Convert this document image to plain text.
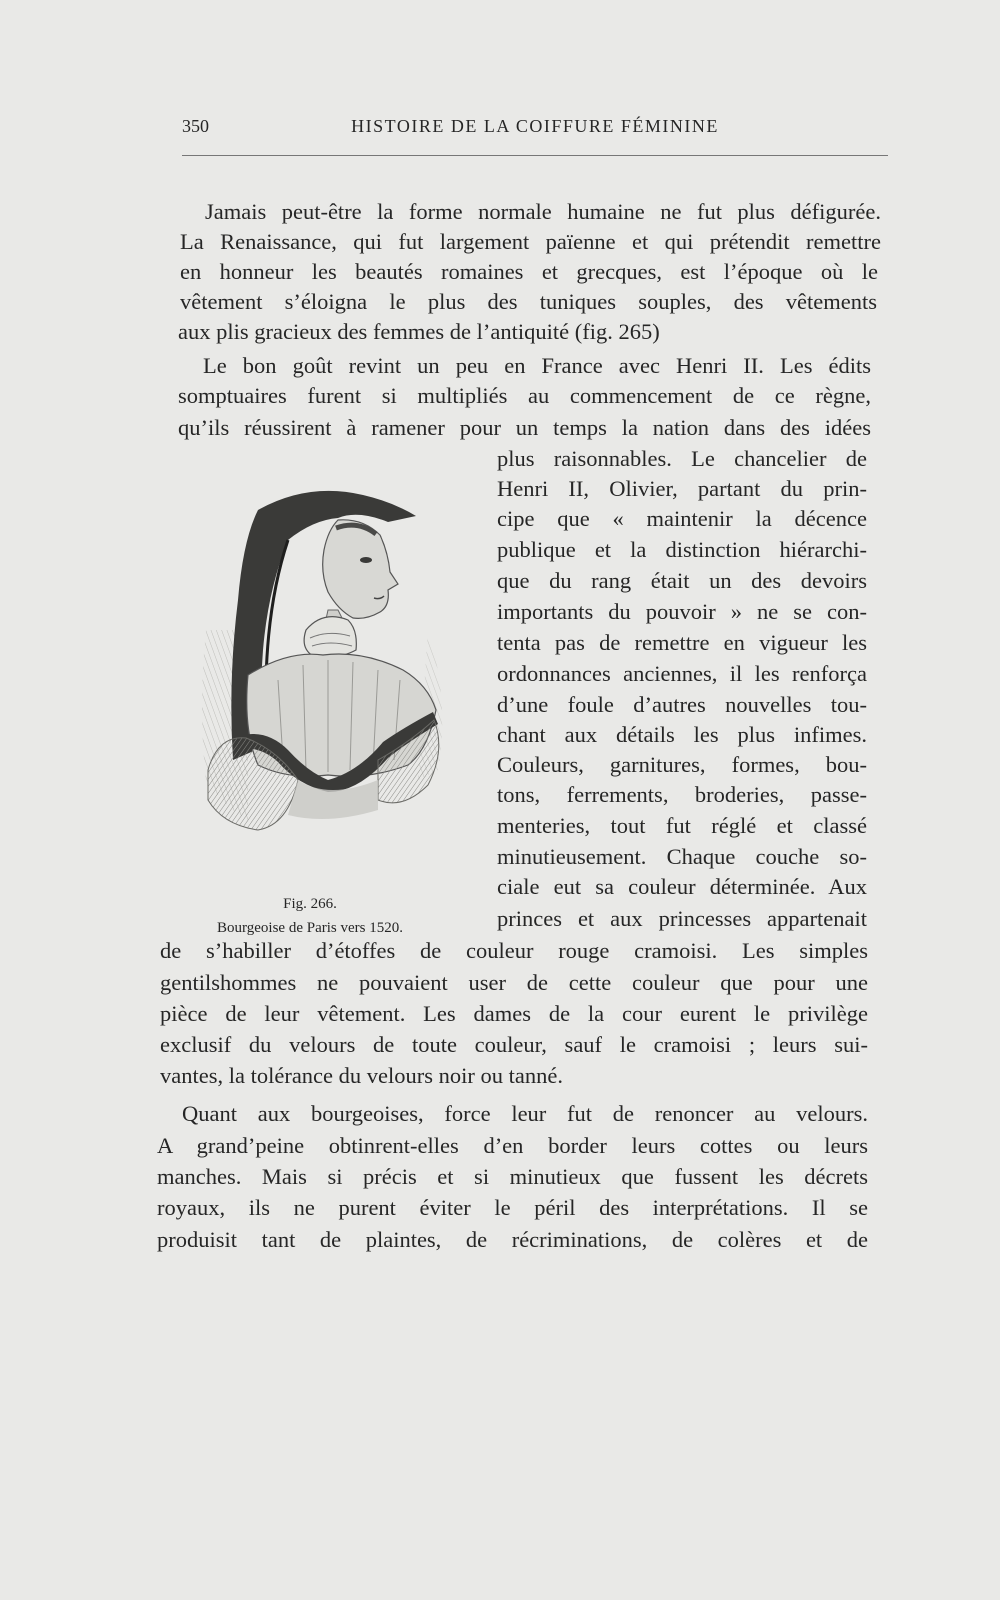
350	HISTOIRE DE LA COIFFURE FÉMININE

Jamais peut-être la forme normale humaine ne fut plus défigurée.

La Renaissance, qui fut largement païenne et qui prétendit remettre

en honneur les beautés romaines et grecques, est l’époque où le

vêtement s’éloigna le plus des tuniques souples, des vêtements

aux plis gracieux des femmes de l’antiquité (fig. 265)

Le bon goût revint un peu en France avec Henri II. Les édits

somptuaires furent si multipliés au commencement de ce règne,

qu’ils réussirent à ramener pour un temps la nation dans des idées

plus raisonnables. Le chancelier de

Henri II, Olivier, partant du prin-

cipe que « maintenir la décence

publique et la distinction hiérarchi-

que du rang était un des devoirs

importants du pouvoir » ne se con-

tenta pas de remettre en vigueur les

ordonnances anciennes, il les renforça

d’une foule d’autres nouvelles tou-

chant aux détails les plus infimes.

Couleurs, garnitures, formes, bou-

tons, ferrements, broderies, passe-

menteries, tout fut réglé et classé

minutieusement. Chaque couche so-

ciale eut sa couleur déterminée. Aux

princes et aux princesses appartenait

de s’habiller d’étoffes de couleur rouge cramoisi. Les simples

gentilshommes ne pouvaient user de cette couleur que pour une

pièce de leur vêtement. Les dames de la cour eurent le privilège

exclusif du velours de toute couleur, sauf le cramoisi ; leurs sui-

vantes, la tolérance du velours noir ou tanné.

Quant aux bourgeoises, force leur fut de renoncer au velours.

A grand’peine obtinrent-elles d’en border leurs cottes ou leurs

manches. Mais si précis et si minutieux que fussent les décrets

royaux, ils ne purent éviter le péril des interprétations. Il se

produisit tant de plaintes, de récriminations, de colères et de

Fig. 266.
Bourgeoise de Paris vers 1520.
